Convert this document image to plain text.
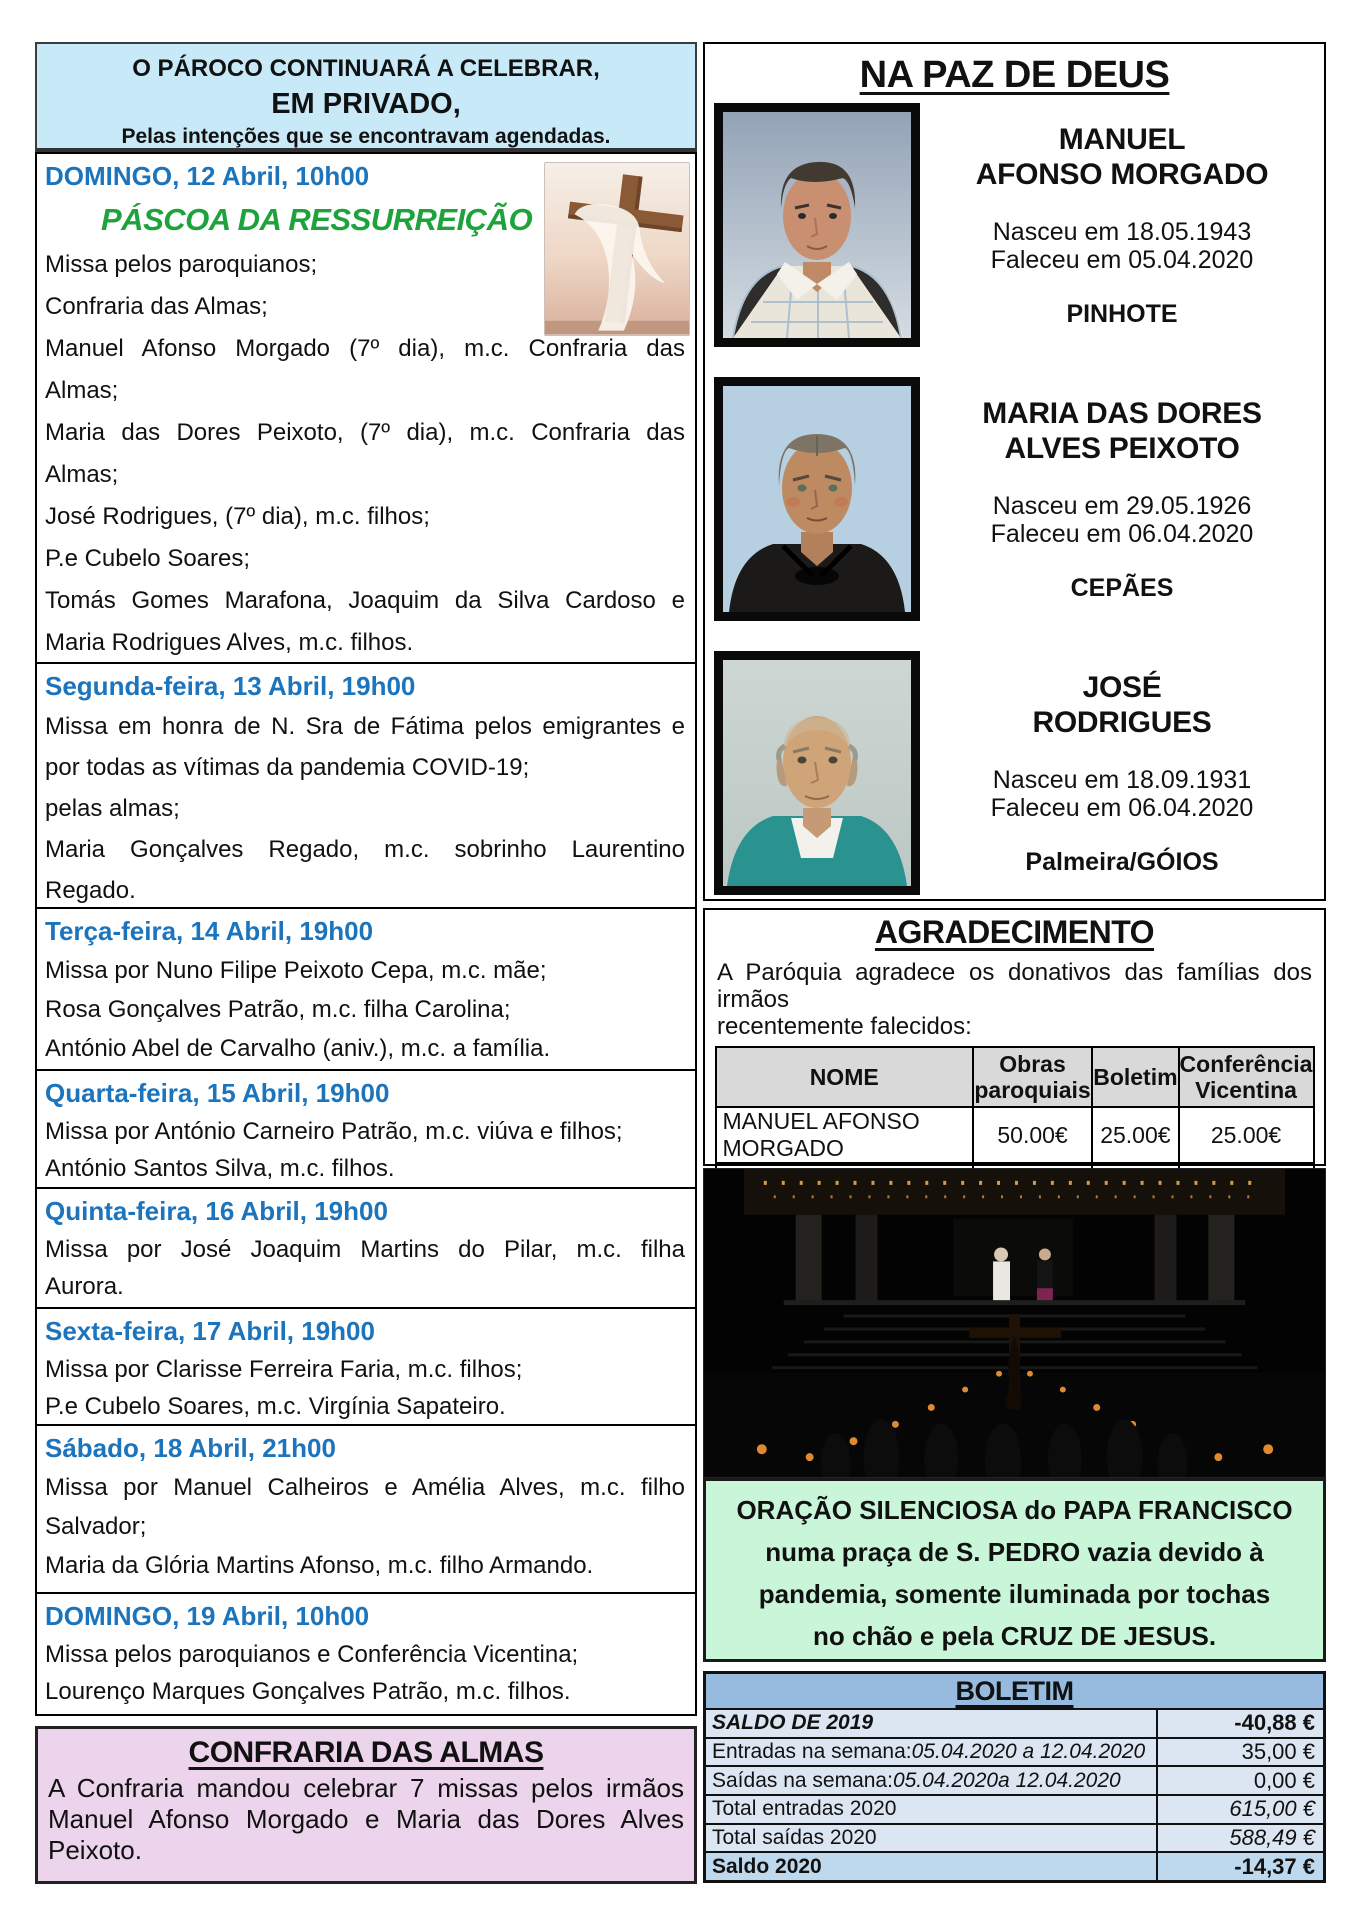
O PÁROCO CONTINUARÁ A CELEBRAR,
EM PRIVADO,
Pelas intenções que se encontravam agendadas.
DOMINGO, 12 Abril, 10h00
PÁSCOA DA RESSURREIÇÃO
Missa pelos paroquianos;
Confraria das Almas;
Manuel Afonso Morgado (7º dia), m.c. Confraria das
Almas;
Maria das Dores Peixoto, (7º dia), m.c. Confraria das
Almas;
José Rodrigues, (7º dia), m.c. filhos;
P.e Cubelo Soares;
Tomás Gomes Marafona, Joaquim da Silva Cardoso e
Maria Rodrigues Alves, m.c. filhos.
Segunda-feira, 13 Abril, 19h00
Missa em honra de N. Sra de Fátima pelos emigrantes e
por todas as vítimas da pandemia COVID-19;
pelas almas;
Maria Gonçalves Regado, m.c. sobrinho Laurentino
Regado.
Terça-feira, 14 Abril, 19h00
Missa por Nuno Filipe Peixoto Cepa, m.c. mãe;
Rosa Gonçalves Patrão, m.c. filha Carolina;
António Abel de Carvalho (aniv.), m.c. a família.
Quarta-feira, 15 Abril, 19h00
Missa por António Carneiro Patrão, m.c. viúva e filhos;
António Santos Silva, m.c. filhos.
Quinta-feira, 16 Abril, 19h00
Missa por José Joaquim Martins do Pilar, m.c. filha
Aurora.
Sexta-feira, 17 Abril, 19h00
Missa por Clarisse Ferreira Faria, m.c. filhos;
P.e Cubelo Soares, m.c. Virgínia Sapateiro.
Sábado, 18 Abril, 21h00
Missa por Manuel Calheiros e Amélia Alves, m.c. filho
Salvador;
Maria da Glória Martins Afonso, m.c. filho Armando.
DOMINGO, 19 Abril, 10h00
Missa pelos paroquianos e Conferência Vicentina;
Lourenço Marques Gonçalves Patrão, m.c. filhos.
CONFRARIA DAS ALMAS
A Confraria mandou celebrar 7 missas pelos irmãos
Manuel Afonso Morgado e Maria das Dores Alves
Peixoto.
NA PAZ DE DEUS
MANUEL
AFONSO MORGADO
Nasceu em 18.05.1943
Faleceu em 05.04.2020
PINHOTE
MARIA DAS DORES
ALVES PEIXOTO
Nasceu em 29.05.1926
Faleceu em 06.04.2020
CEPÃES
JOSÉ
RODRIGUES
Nasceu em 18.09.1931
Faleceu em 06.04.2020
Palmeira/GÓIOS
AGRADECIMENTO
A Paróquia agradece os donativos das famílias dos irmãos
recentemente falecidos:
NOME	Obras paroquiais	Boletim	Conferência Vicentina
MANUEL AFONSO MORGADO	50.00€	25.00€	25.00€

ORAÇÃO SILENCIOSA do PAPA FRANCISCO
numa praça de S. PEDRO vazia devido à
pandemia, somente iluminada por tochas
no chão e pela CRUZ DE JESUS.
BOLETIM
SALDO DE 2019	-40,88 €
Entradas na semana: 05.04.2020 a 12.04.2020	35,00 €
Saídas na semana: 05.04.2020a 12.04.2020	0,00 €
Total entradas 2020	615,00 €
Total saídas 2020	588,49 €
Saldo 2020	-14,37 €
